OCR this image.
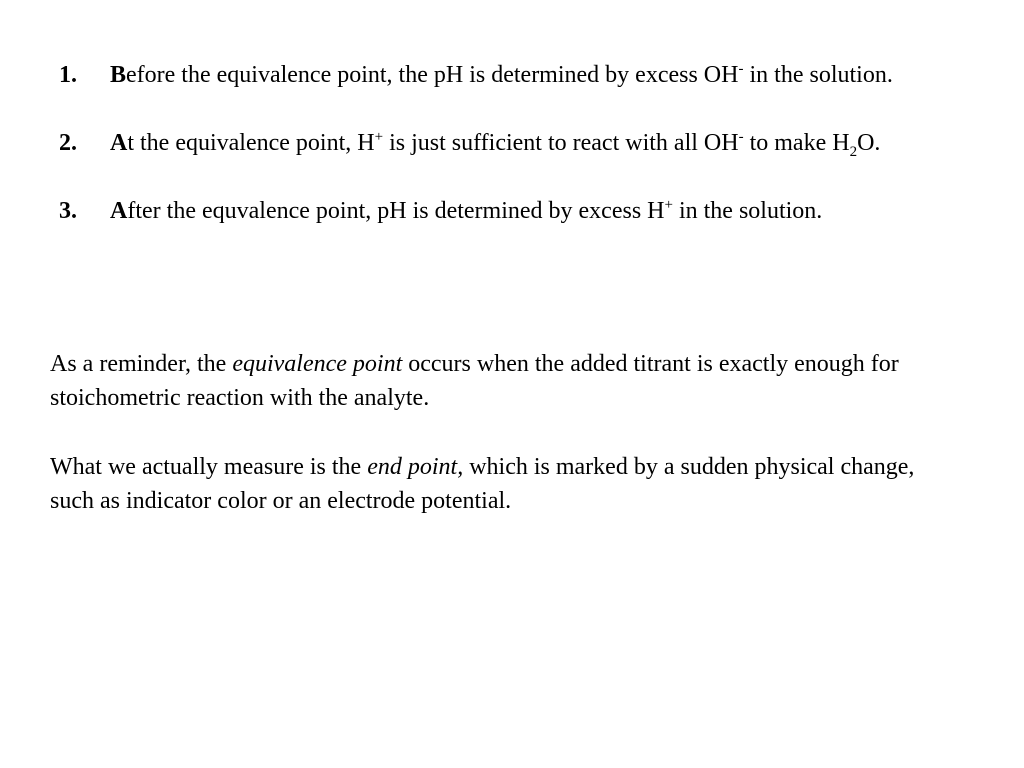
1. Before the equivalence point, the pH is determined by excess OH- in the solution.
2. At the equivalence point, H+ is just sufficient to react with all OH- to make $H_2O$.
3. After the equvalence point, pH is determined by excess H+ in the solution.

As a reminder, the equivalence point occurs when the added titrant is exactly enough for stoichometric reaction with the analyte.

What we actually measure is the end point, which is marked by a sudden physical change, such as indicator color or an electrode potential.
